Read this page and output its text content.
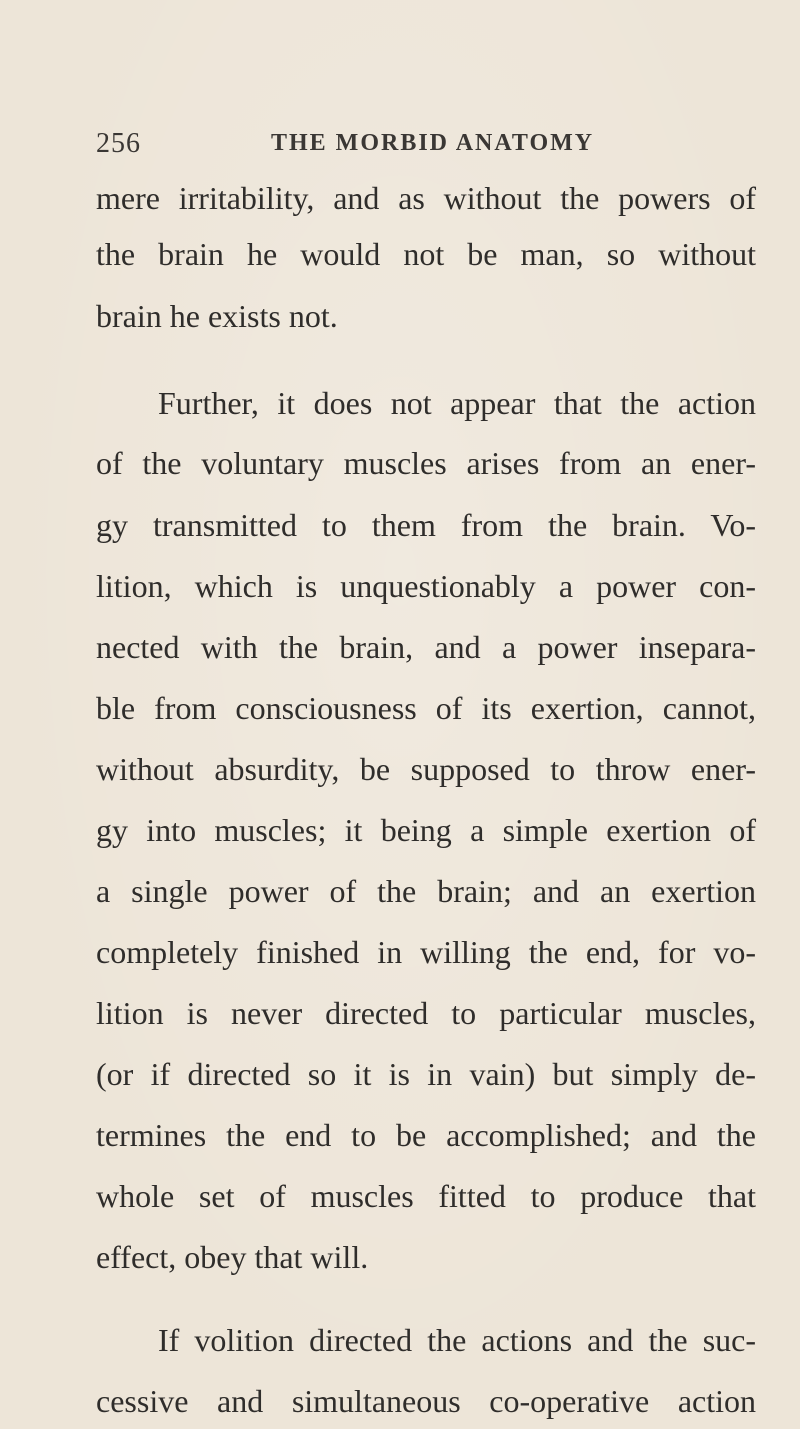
256	THE MORBID ANATOMY
mere irritability, and as without the powers of
the brain he would not be man, so without
brain he exists not.
Further, it does not appear that the action
of the voluntary muscles arises from an ener-
gy transmitted to them from the brain. Vo-
lition, which is unquestionably a power con-
nected with the brain, and a power insepara-
ble from consciousness of its exertion, cannot,
without absurdity, be supposed to throw ener-
gy into muscles; it being a simple exertion of
a single power of the brain; and an exertion
completely finished in willing the end, for vo-
lition is never directed to particular muscles,
(or if directed so it is in vain) but simply de-
termines the end to be accomplished; and the
whole set of muscles fitted to produce that
effect, obey that will.
If volition directed the actions and the suc-
cessive and simultaneous co-operative action
